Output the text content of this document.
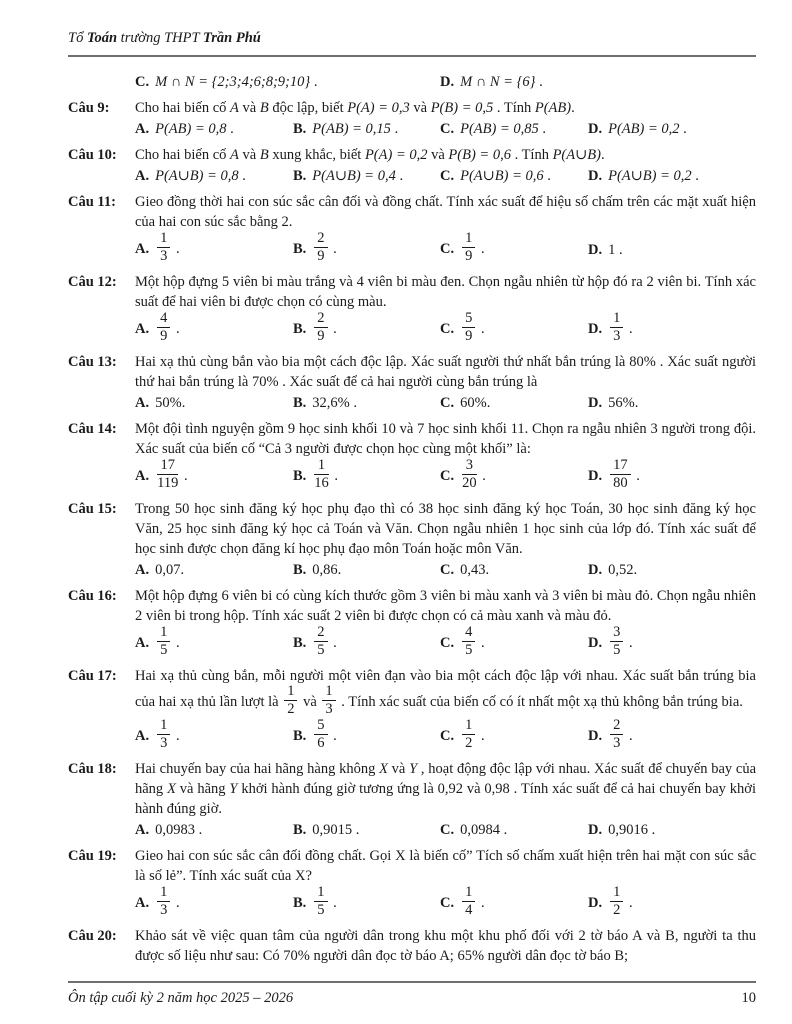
Tổ Toán trường THPT Trần Phú
C. M ∩ N = {2;3;4;6;8;9;10} .	D. M ∩ N = {6} .
Câu 9:	Cho hai biến cố A và B độc lập, biết P(A) = 0,3 và P(B) = 0,5 . Tính P(AB).
A. P(AB) = 0,8 .	B. P(AB) = 0,15 .	C. P(AB) = 0,85 .	D. P(AB) = 0,2 .
Câu 10:	Cho hai biến cố A và B xung khắc, biết P(A) = 0,2 và P(B) = 0,6 . Tính P(A∪B).
A. P(A∪B) = 0,8 .	B. P(A∪B) = 0,4 .	C. P(A∪B) = 0,6 .	D. P(A∪B) = 0,2 .
Câu 11:	Gieo đồng thời hai con súc sắc cân đối và đồng chất. Tính xác suất để hiệu số chấm trên các mặt xuất hiện của hai con súc sắc bằng 2.
A. $\frac{1}{3}$ .	B. $\frac{2}{9}$ .	C. $\frac{1}{9}$ .	D. 1 .
Câu 12:	Một hộp đựng 5 viên bi màu trắng và 4 viên bi màu đen. Chọn ngẫu nhiên từ hộp đó ra 2 viên bi. Tính xác suất để hai viên bi được chọn có cùng màu.
A. $\frac{4}{9}$ .	B. $\frac{2}{9}$ .	C. $\frac{5}{9}$ .	D. $\frac{1}{3}$ .
Câu 13:	Hai xạ thủ cùng bắn vào bia một cách độc lập. Xác suất người thứ nhất bắn trúng là 80% . Xác suất người thứ hai bắn trúng là 70% . Xác suất để cả hai người cùng bắn trúng là
A. 50%.	B. 32,6% .	C. 60%.	D. 56%.
Câu 14:	Một đội tình nguyện gồm 9 học sinh khối 10 và 7 học sinh khối 11. Chọn ra ngẫu nhiên 3 người trong đội. Xác suất của biến cố “Cả 3 người được chọn học cùng một khối” là:
A. $\frac{17}{119}$ .	B. $\frac{1}{16}$ .	C. $\frac{3}{20}$ .	D. $\frac{17}{80}$ .
Câu 15:	Trong 50 học sinh đăng ký học phụ đạo thì có 38 học sinh đăng ký học Toán, 30 học sinh đăng ký học Văn, 25 học sinh đăng ký học cả Toán và Văn. Chọn ngẫu nhiên 1 học sinh của lớp đó. Tính xác suất để học sinh được chọn đăng kí học phụ đạo môn Toán hoặc môn Văn.
A. 0,07.	B. 0,86.	C. 0,43.	D. 0,52.
Câu 16:	Một hộp đựng 6 viên bi có cùng kích thước gồm 3 viên bi màu xanh và 3 viên bi màu đỏ. Chọn ngẫu nhiên 2 viên bi trong hộp. Tính xác suất 2 viên bi được chọn có cả màu xanh và màu đỏ.
A. $\frac{1}{5}$ .	B. $\frac{2}{5}$ .	C. $\frac{4}{5}$ .	D. $\frac{3}{5}$ .
Câu 17:	Hai xạ thủ cùng bắn, mỗi người một viên đạn vào bia một cách độc lập với nhau. Xác suất bắn trúng bia của hai xạ thủ lần lượt là $\frac{1}{2}$ và $\frac{1}{3}$ . Tính xác suất của biến cố có ít nhất một xạ thủ không bắn trúng bia.
A. $\frac{1}{3}$ .	B. $\frac{5}{6}$ .	C. $\frac{1}{2}$ .	D. $\frac{2}{3}$ .
Câu 18:	Hai chuyến bay của hai hãng hàng không X và Y , hoạt động độc lập với nhau. Xác suất để chuyến bay của hãng X và hãng Y khởi hành đúng giờ tương ứng là 0,92 và 0,98 . Tính xác suất để cả hai chuyến bay khởi hành đúng giờ.
A. 0,0983 .	B. 0,9015 .	C. 0,0984 .	D. 0,9016 .
Câu 19:	Gieo hai con súc sắc cân đối đồng chất. Gọi X là biến cố” Tích số chấm xuất hiện trên hai mặt con súc sắc là số lẻ”. Tính xác suất của X?
A. $\frac{1}{3}$ .	B. $\frac{1}{5}$ .	C. $\frac{1}{4}$ .	D. $\frac{1}{2}$ .
Câu 20:	Khảo sát về việc quan tâm của người dân trong khu một khu phố đối với 2 tờ báo A và B, người ta thu được số liệu như sau: Có 70% người dân đọc tờ báo A; 65% người dân đọc tờ báo B;
Ôn tập cuối kỳ 2 năm học 2025 – 2026	10
